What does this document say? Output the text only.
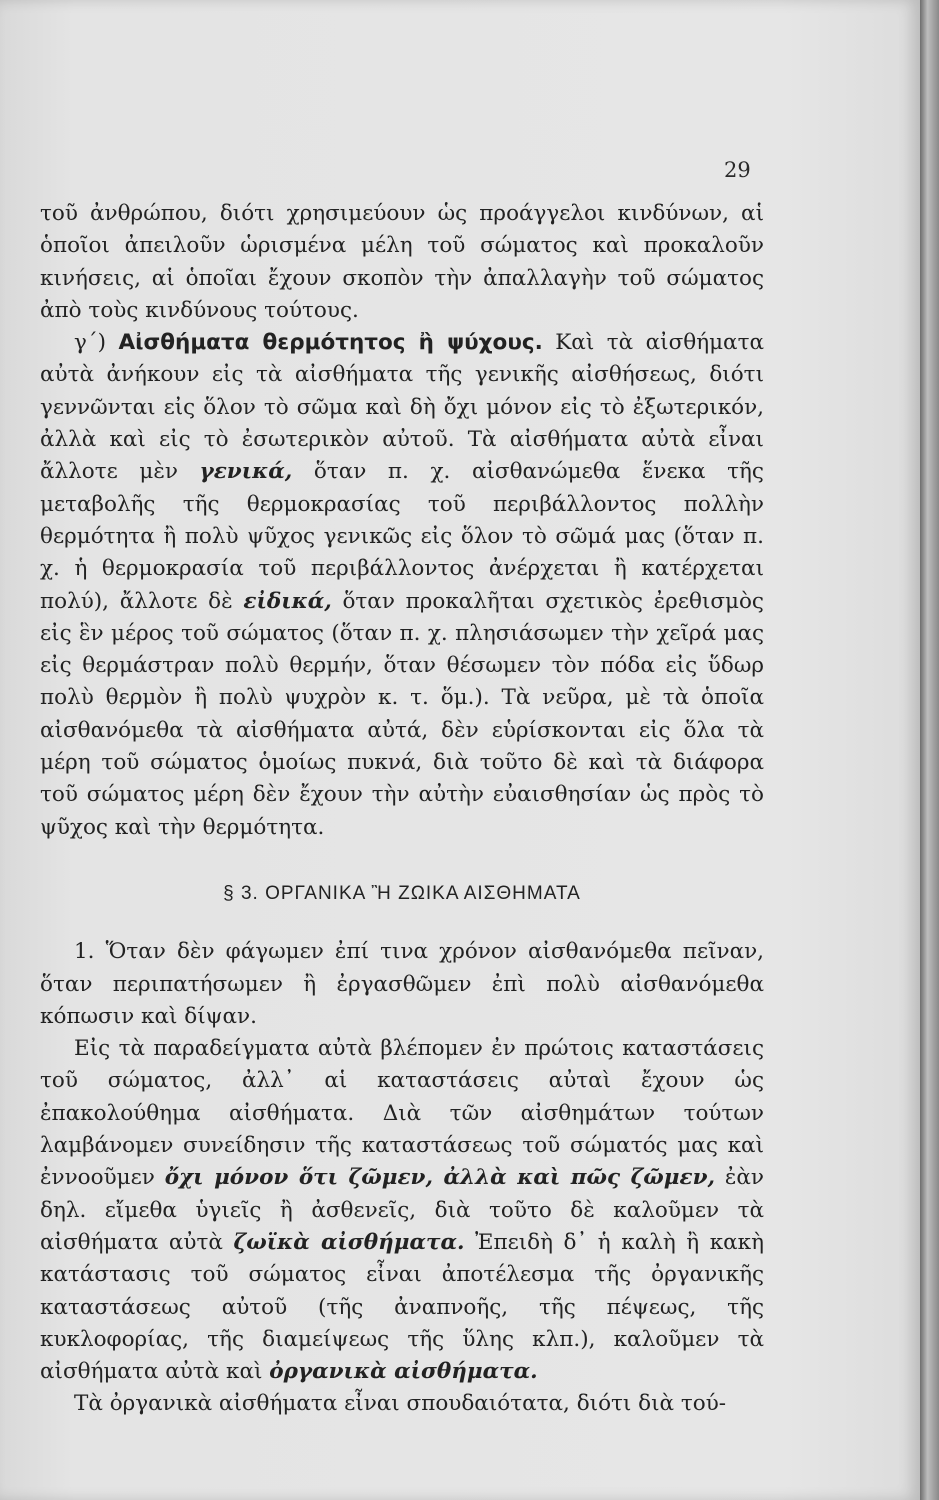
29

τοῦ ἀνθρώπου, διότι χρησιμεύουν ὡς πρoάγγελοι κινδύνων, αἱ ὁποῖοι ἀπειλοῦν ὡρισμένα μέλη τοῦ σώματος καὶ προκαλοῦν κινήσεις, αἱ ὁποῖαι ἔχουν σκοπὸν τὴν ἀπαλλαγὴν τοῦ σώματος ἀπὸ τοὺς κινδύνους τούτους.

γ΄) Αἰσθήματα θερμότητος ἢ ψύχους. Καὶ τὰ αἰσθήματα αὐτὰ ἀνήκουν εἰς τὰ αἰσθήματα τῆς γενικῆς αἰσθήσεως, διότι γεννῶνται εἰς ὅλον τὸ σῶμα καὶ δὴ ὄχι μόνον εἰς τὸ ἐξωτερικόν, ἀλλὰ καὶ εἰς τὸ ἐσωτερικὸν αὐτοῦ. Τὰ αἰσθήματα αὐτὰ εἶναι ἄλλοτε μὲν γενικά, ὅταν π. χ. αἰσθανώμεθα ἕνεκα τῆς μεταβολῆς τῆς θερμοκρασίας τοῦ περιβάλλοντος πολλὴν θερμότητα ἢ πολὺ ψῦχος γενικῶς εἰς ὅλον τὸ σῶμά μας (ὅταν π. χ. ἡ θερμοκρασία τοῦ περιβάλλοντος ἀνέρχεται ἢ κατέρχεται πολύ), ἄλλοτε δὲ εἰδικά, ὅταν προκαλῆται σχετικὸς ἐρεθισμὸς εἰς ἓν μέρος τοῦ σώματος (ὅταν π. χ. πλησιάσωμεν τὴν χεῖρά μας εἰς θερμάστραν πολὺ θερμήν, ὅταν θέσωμεν τὸν πόδα εἰς ὕδωρ πολὺ θερμὸν ἢ πολὺ ψυχρὸν κ. τ. ὅμ.). Τὰ νεῦρα, μὲ τὰ ὁποῖα αἰσθανόμεθα τὰ αἰσθήματα αὐτά, δὲν εὑρίσκονται εἰς ὅλα τὰ μέρη τοῦ σώματος ὁμοίως πυκνά, διὰ τοῦτο δὲ καὶ τὰ διάφορα τοῦ σώματος μέρη δὲν ἔχουν τὴν αὐτὴν εὐαισθησίαν ὡς πρὸς τὸ ψῦχος καὶ τὴν θερμότητα.

§ 3. ΟΡΓΑΝΙΚΑ Ἢ ΖΩΙΚΑ ΑΙΣΘΗΜΑΤΑ

1. Ὅταν δὲν φάγωμεν ἐπί τινα χρόνον αἰσθανόμεθα πεῖναν, ὅταν περιπατήσωμεν ἢ ἐργασθῶμεν ἐπὶ πολὺ αἰσθανόμεθα κόπωσιν καὶ δίψαν.

Εἰς τὰ παραδείγματα αὐτὰ βλέπομεν ἐν πρώτοις καταστάσεις τοῦ σώματος, ἀλλ᾽ αἱ καταστάσεις αὐταὶ ἔχουν ὡς ἐπακολούθημα αἰσθήματα. Διὰ τῶν αἰσθημάτων τούτων λαμβάνομεν συνείδησιν τῆς καταστάσεως τοῦ σώματός μας καὶ ἐννοοῦμεν ὄχι μόνον ὅτι ζῶμεν, ἀλλὰ καὶ πῶς ζῶμεν, ἐὰν δηλ. εἴμεθα ὑγιεῖς ἢ ἀσθενεῖς, διὰ τοῦτο δὲ καλοῦμεν τὰ αἰσθήματα αὐτὰ ζωϊκὰ αἰσθήματα. Ἐπειδὴ δ᾽ ἡ καλὴ ἢ κακὴ κατάστασις τοῦ σώματος εἶναι ἀποτέλεσμα τῆς ὀργανικῆς καταστάσεως αὐτοῦ (τῆς ἀναπνοῆς, τῆς πέψεως, τῆς κυκλοφορίας, τῆς διαμείψεως τῆς ὕλης κλπ.), καλοῦμεν τὰ αἰσθήματα αὐτὰ καὶ ὀργανικὰ αἰσθήματα.

Τὰ ὀργανικὰ αἰσθήματα εἶναι σπουδαιότατα, διότι διὰ τού-
